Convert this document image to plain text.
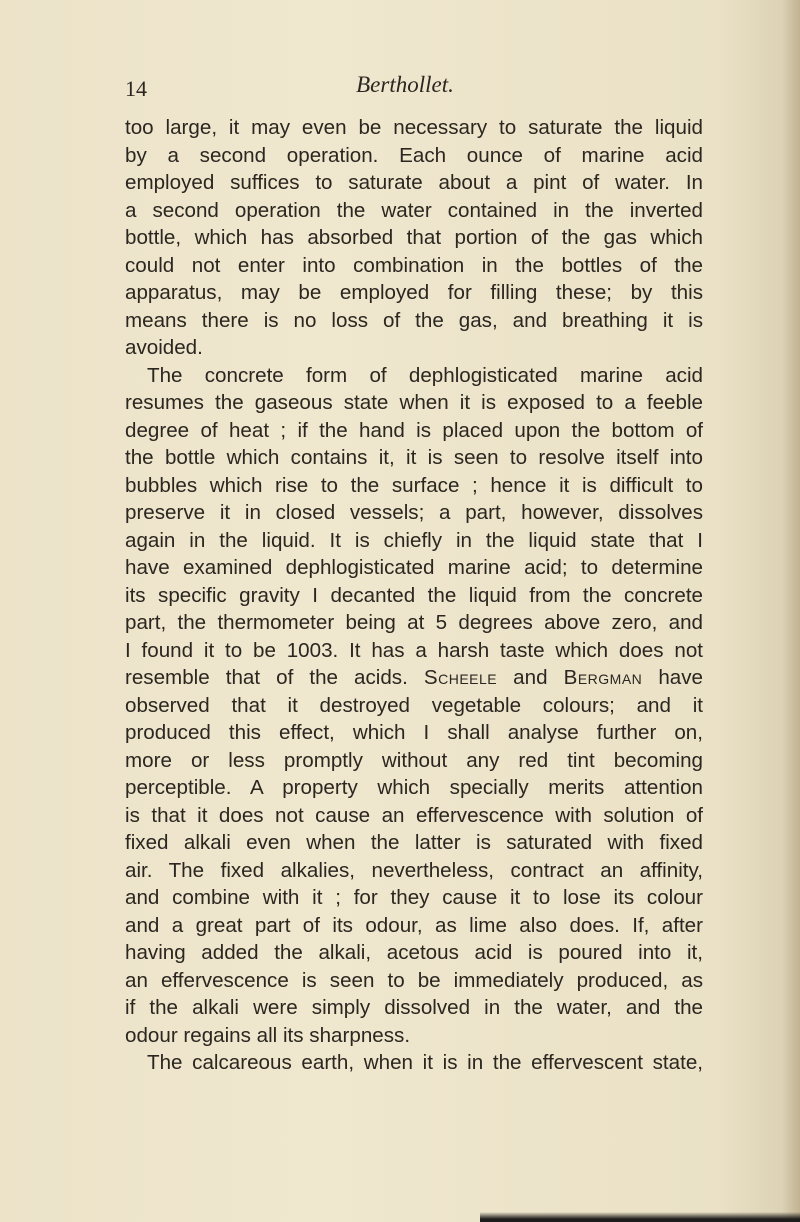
14	Berthollet.
too large, it may even be necessary to saturate the liquid
by a second operation. Each ounce of marine acid
employed suffices to saturate about a pint of water. In
a second operation the water contained in the inverted
bottle, which has absorbed that portion of the gas which
could not enter into combination in the bottles of the
apparatus, may be employed for filling these; by this
means there is no loss of the gas, and breathing it is
avoided.
The concrete form of dephlogisticated marine acid
resumes the gaseous state when it is exposed to a feeble
degree of heat ; if the hand is placed upon the bottom of
the bottle which contains it, it is seen to resolve itself into
bubbles which rise to the surface ; hence it is difficult to
preserve it in closed vessels; a part, however, dissolves
again in the liquid. It is chiefly in the liquid state that I
have examined dephlogisticated marine acid; to determine
its specific gravity I decanted the liquid from the concrete
part, the thermometer being at 5 degrees above zero, and
I found it to be 1003. It has a harsh taste which does not
resemble that of the acids. Scheele and Bergman have
observed that it destroyed vegetable colours; and it
produced this effect, which I shall analyse further on,
more or less promptly without any red tint becoming
perceptible. A property which specially merits attention
is that it does not cause an effervescence with solution of
fixed alkali even when the latter is saturated with fixed
air. The fixed alkalies, nevertheless, contract an affinity,
and combine with it ; for they cause it to lose its colour
and a great part of its odour, as lime also does. If, after
having added the alkali, acetous acid is poured into it,
an effervescence is seen to be immediately produced, as
if the alkali were simply dissolved in the water, and the
odour regains all its sharpness.
The calcareous earth, when it is in the effervescent state,
